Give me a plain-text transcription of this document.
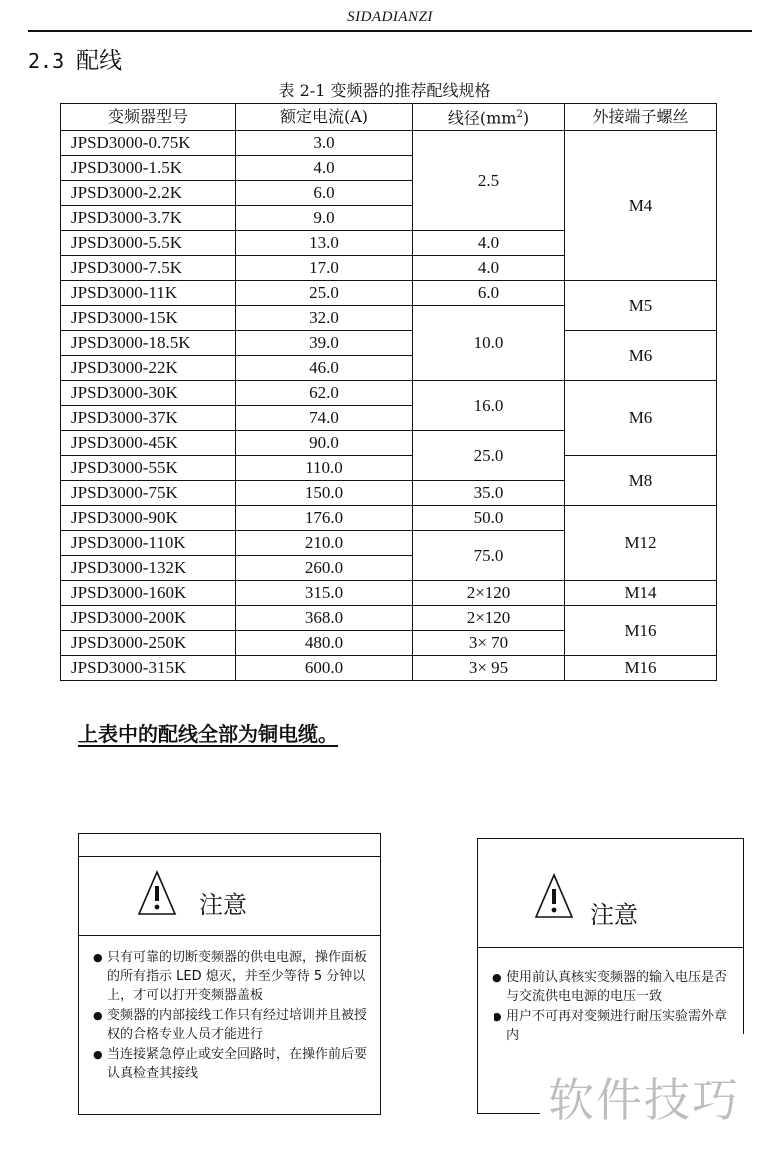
SIDADIANZI
2.3 配线
表 2-1 变频器的推荐配线规格
变频器型号	额定电流(A)	线径$(mm^2)$	外接端子螺丝
JPSD3000-0.75K	3.0	2.5	M4
JPSD3000-1.5K	4.0		
JPSD3000-2.2K	6.0		
JPSD3000-3.7K	9.0		
JPSD3000-5.5K	13.0	4.0	
JPSD3000-7.5K	17.0	4.0	
JPSD3000-11K	25.0	6.0	M5
JPSD3000-15K	32.0	10.0	
JPSD3000-18.5K	39.0		M6
JPSD3000-22K	46.0		
JPSD3000-30K	62.0	16.0	M6
JPSD3000-37K	74.0		
JPSD3000-45K	90.0	25.0	
JPSD3000-55K	110.0		M8
JPSD3000-75K	150.0	35.0	
JPSD3000-90K	176.0	50.0	M12
JPSD3000-110K	210.0	75.0	
JPSD3000-132K	260.0		
JPSD3000-160K	315.0	2×120	M14
JPSD3000-200K	368.0	2×120	M16
JPSD3000-250K	480.0	3× 70	
JPSD3000-315K	600.0	3× 95	M16
上表中的配线全部为铜电缆。
注意
● 只有可靠的切断变频器的供电电源，操作面板的所有指示 LED 熄灭，并至少等待 5 分钟以上，才可以打开变频器盖板
● 变频器的内部接线工作只有经过培训并且被授权的合格专业人员才能进行
● 当连接紧急停止或安全回路时，在操作前后要认真检查其接线
注意
● 使用前认真核实变频器的输入电压是否与交流供电电源的电压一致
● 用户不可再对变频进行耐压实验需外章内
软件技巧
